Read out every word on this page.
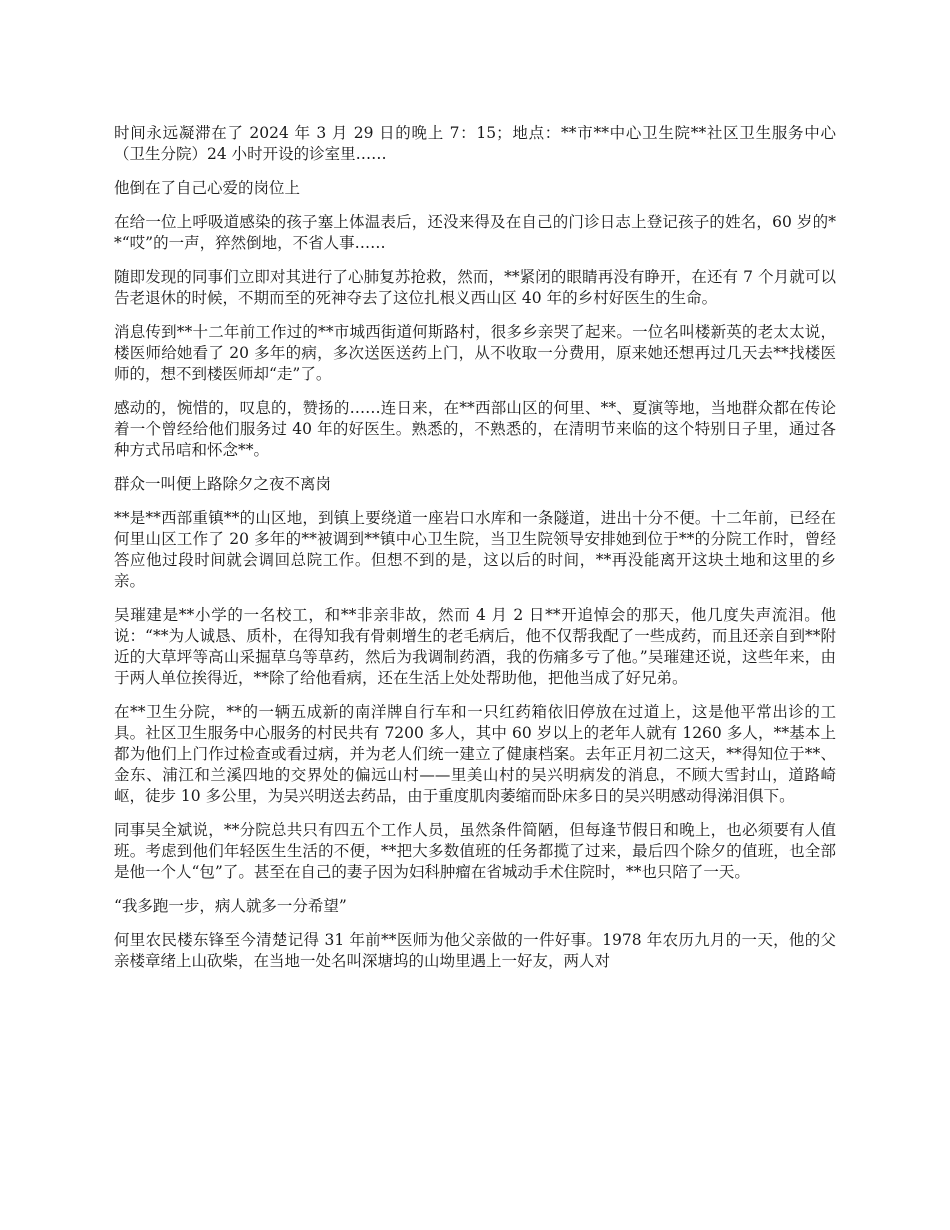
时间永远凝滞在了 2024 年 3 月 29 日的晚上 7：15；地点：**市**中心卫生院**社区卫生服务中心（卫生分院）24 小时开设的诊室里……

他倒在了自己心爱的岗位上

在给一位上呼吸道感染的孩子塞上体温表后，还没来得及在自己的门诊日志上登记孩子的姓名，60 岁的**“哎”的一声，猝然倒地，不省人事……

随即发现的同事们立即对其进行了心肺复苏抢救，然而，**紧闭的眼睛再没有睁开，在还有 7 个月就可以告老退休的时候，不期而至的死神夺去了这位扎根义西山区 40 年的乡村好医生的生命。

消息传到**十二年前工作过的**市城西街道何斯路村，很多乡亲哭了起来。一位名叫楼新英的老太太说，楼医师给她看了 20 多年的病，多次送医送药上门，从不收取一分费用，原来她还想再过几天去**找楼医师的，想不到楼医师却“走”了。

感动的，惋惜的，叹息的，赞扬的……连日来，在**西部山区的何里、**、夏演等地，当地群众都在传论着一个曾经给他们服务过 40 年的好医生。熟悉的，不熟悉的，在清明节来临的这个特别日子里，通过各种方式吊唁和怀念**。

群众一叫便上路除夕之夜不离岗

**是**西部重镇**的山区地，到镇上要绕道一座岩口水库和一条隧道，进出十分不便。十二年前，已经在何里山区工作了 20 多年的**被调到**镇中心卫生院，当卫生院领导安排她到位于**的分院工作时，曾经答应他过段时间就会调回总院工作。但想不到的是，这以后的时间，**再没能离开这块土地和这里的乡亲。

吴璀建是**小学的一名校工，和**非亲非故，然而 4 月 2 日**开追悼会的那天，他几度失声流泪。他说：“**为人诚恳、质朴，在得知我有骨刺增生的老毛病后，他不仅帮我配了一些成药，而且还亲自到**附近的大草坪等高山采掘草乌等草药，然后为我调制药酒，我的伤痛多亏了他。”吴璀建还说，这些年来，由于两人单位挨得近，**除了给他看病，还在生活上处处帮助他，把他当成了好兄弟。

在**卫生分院，**的一辆五成新的南洋牌自行车和一只红药箱依旧停放在过道上，这是他平常出诊的工具。社区卫生服务中心服务的村民共有 7200 多人，其中 60 岁以上的老年人就有 1260 多人，**基本上都为他们上门作过检查或看过病，并为老人们统一建立了健康档案。去年正月初二这天，**得知位于**、金东、浦江和兰溪四地的交界处的偏远山村——里美山村的吴兴明病发的消息，不顾大雪封山，道路崎岖，徒步 10 多公里，为吴兴明送去药品，由于重度肌肉萎缩而卧床多日的吴兴明感动得涕泪俱下。

同事吴全斌说，**分院总共只有四五个工作人员，虽然条件简陋，但每逢节假日和晚上，也必须要有人值班。考虑到他们年轻医生生活的不便，**把大多数值班的任务都揽了过来，最后四个除夕的值班，也全部是他一个人“包”了。甚至在自己的妻子因为妇科肿瘤在省城动手术住院时，**也只陪了一天。

“我多跑一步，病人就多一分希望”

何里农民楼东锋至今清楚记得 31 年前**医师为他父亲做的一件好事。1978 年农历九月的一天，他的父亲楼章绪上山砍柴，在当地一处名叫深塘坞的山坳里遇上一好友，两人对
